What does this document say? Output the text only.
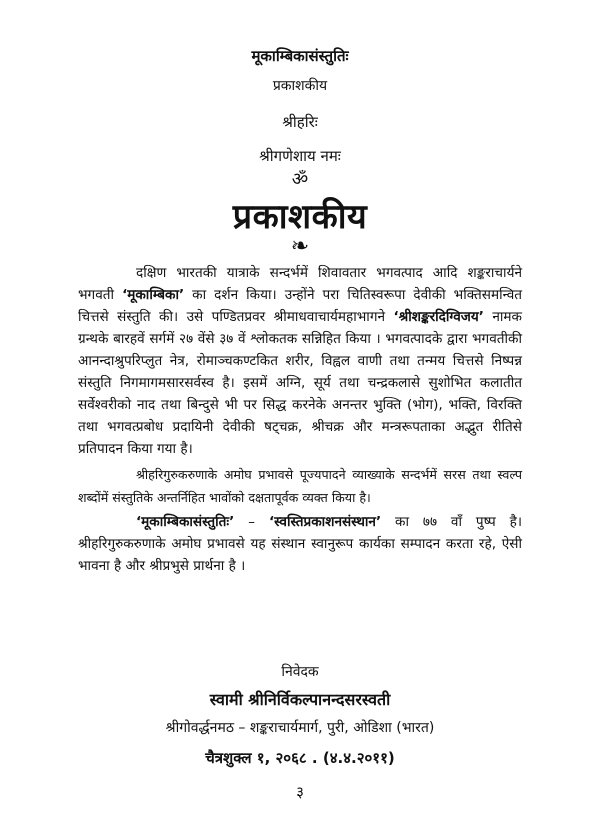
मूकाम्बिकासंस्तुतिः
प्रकाशकीय
श्रीहरिः
श्रीगणेशाय नमः
ॐ
प्रकाशकीय
❧

दक्षिण भारतकी यात्राके सन्दर्भमें शिवावतार भगवत्पाद आदि शङ्कराचार्यने भगवती ‘मूकाम्बिका’ का दर्शन किया। उन्होंने परा चितिस्वरूपा देवीकी भक्तिसमन्वित चित्तसे संस्तुति की। उसे पण्डितप्रवर श्रीमाधवाचार्यमहाभागने ‘श्रीशङ्करदिग्विजय’ नामक ग्रन्थके बारहवें सर्गमें २७ वेंसे ३७ वें श्लोकतक सन्निहित किया । भगवत्पादके द्वारा भगवतीकी आनन्दाश्रुपरिप्लुत नेत्र, रोमाञ्चकण्टकित शरीर, विह्वल वाणी तथा तन्मय चित्तसे निष्पन्न संस्तुति निगमागमसारसर्वस्व है। इसमें अग्नि, सूर्य तथा चन्द्रकलासे सुशोभित कलातीत सर्वेश्वरीको नाद तथा बिन्दुसे भी पर सिद्ध करनेके अनन्तर भुक्ति (भोग), भक्ति, विरक्ति तथा भगवत्प्रबोध प्रदायिनी देवीकी षट्चक्र, श्रीचक्र और मन्त्ररूपताका अद्भुत रीतिसे प्रतिपादन किया गया है।

श्रीहरिगुरुकरुणाके अमोघ प्रभावसे पूज्यपादने व्याख्याके सन्दर्भमें सरस तथा स्वल्प शब्दोंमें संस्तुतिके अन्तर्निहित भावोंको दक्षतापूर्वक व्यक्त किया है।

‘मूकाम्बिकासंस्तुतिः’ – ‘स्वस्तिप्रकाशनसंस्थान’ का ७७ वाँ पुष्प है। श्रीहरिगुरुकरुणाके अमोघ प्रभावसे यह संस्थान स्वानुरूप कार्यका सम्पादन करता रहे, ऐसी भावना है और श्रीप्रभुसे प्रार्थना है ।

निवेदक
स्वामी श्रीनिर्विकल्पानन्दसरस्वती
श्रीगोवर्द्धनमठ – शङ्कराचार्यमार्ग, पुरी, ओडिशा (भारत)
चैत्रशुक्ल १, २०६८ . (४.४.२०११)
३
